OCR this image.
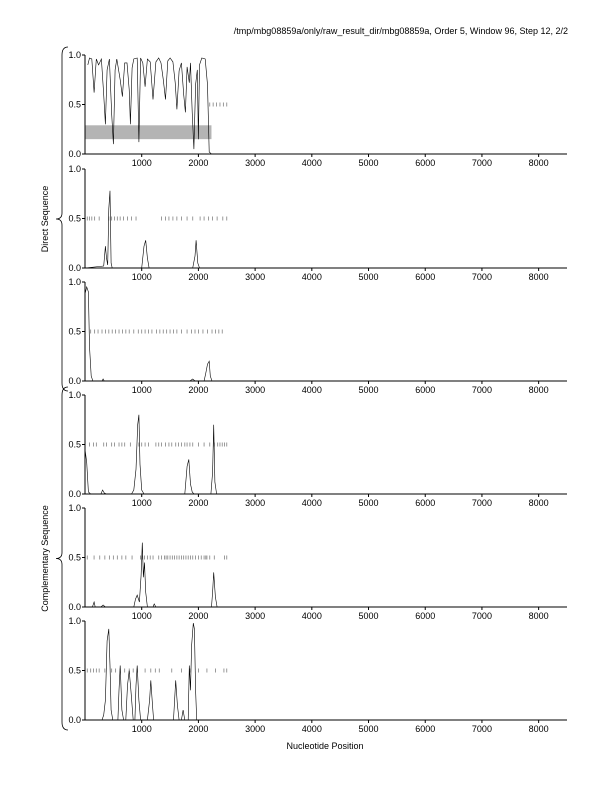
/tmp/mbg08859a/only/raw_result_dir/mbg08859a, Order 5, Window 96, Step 12, 2/2
0.0
0.5
1.0
1000	2000	3000	4000	5000	6000	7000	8000
0.0
0.5
1.0
1000	2000	3000	4000	5000	6000	7000	8000
0.0
0.5
1.0
1000	2000	3000	4000	5000	6000	7000	8000
0.0
0.5
1.0
1000	2000	3000	4000	5000	6000	7000	8000
0.0
0.5
1.0
1000	2000	3000	4000	5000	6000	7000	8000
0.0
0.5
1.0
1000	2000	3000	4000	5000	6000	7000	8000
Direct Sequence
Complementary Sequence
Nucleotide Position
